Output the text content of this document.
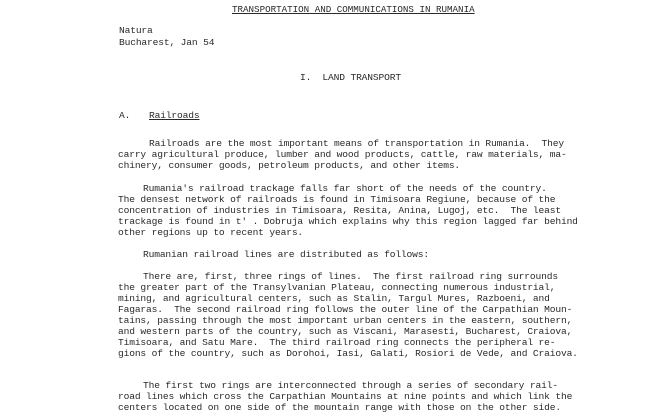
TRANSPORTATION AND COMMUNICATIONS IN RUMANIA
Natura
Bucharest, Jan 54
I.  LAND TRANSPORT
A. Railroads
Railroads are the most important means of transportation in Rumania.  They
carry agricultural produce, lumber and wood products, cattle, raw materials, ma-
chinery, consumer goods, petroleum products, and other items.
Rumania's railroad trackage falls far short of the needs of the country.
The densest network of railroads is found in Timisoara Regiune, because of the
concentration of industries in Timisoara, Resita, Anina, Lugoj, etc.  The least
trackage is found in t' . Dobruja which explains why this region lagged far behind
other regions up to recent years.
Rumanian railroad lines are distributed as follows:
There are, first, three rings of lines.  The first railroad ring surrounds
the greater part of the Transylvanian Plateau, connecting numerous industrial,
mining, and agricultural centers, such as Stalin, Targul Mures, Razboeni, and
Fagaras.  The second railroad ring follows the outer line of the Carpathian Moun-
tains, passing through the most important urban centers in the eastern, southern,
and western parts of the country, such as Viscani, Marasesti, Bucharest, Craiova,
Timisoara, and Satu Mare.  The third railroad ring connects the peripheral re-
gions of the country, such as Dorohoi, Iasi, Galati, Rosiori de Vede, and Craiova.
The first two rings are interconnected through a series of secondary rail-
road lines which cross the Carpathian Mountains at nine points and which link the
centers located on one side of the mountain range with those on the other side.
